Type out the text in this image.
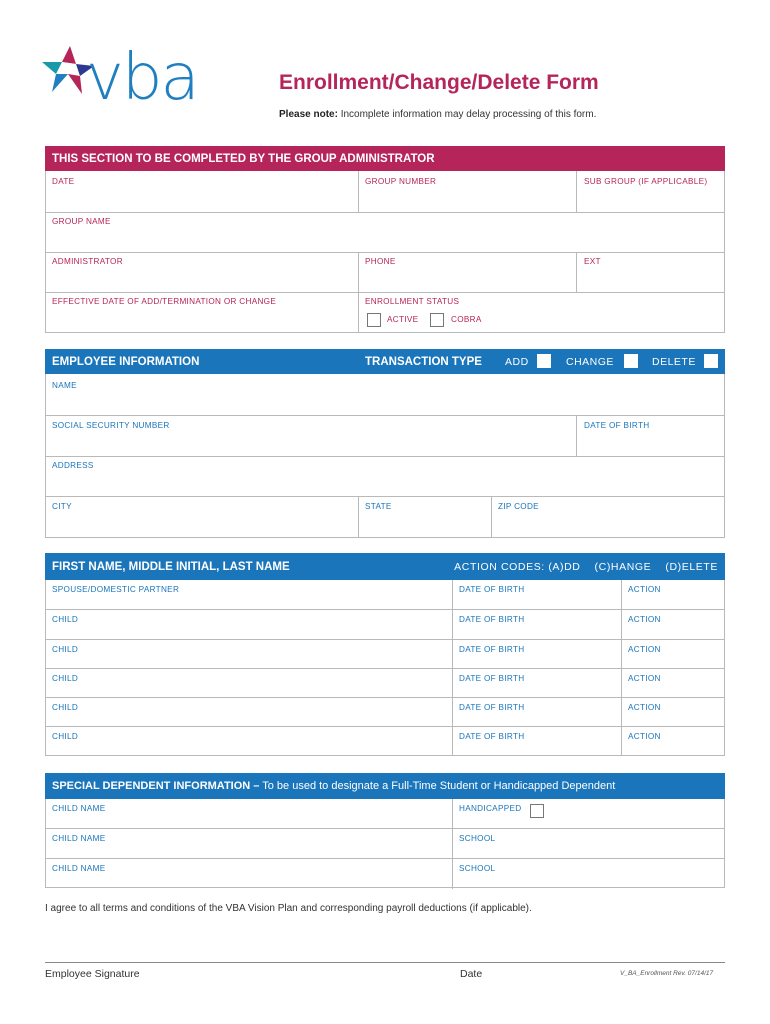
vba	Enrollment/Change/Delete Form
Please note: Incomplete information may delay processing of this form.
THIS SECTION TO BE COMPLETED BY THE GROUP ADMINISTRATOR
DATE	GROUP NUMBER	SUB GROUP (IF APPLICABLE)
GROUP NAME
ADMINISTRATOR	PHONE	EXT
EFFECTIVE DATE OF ADD/TERMINATION OR CHANGE	ENROLLMENT STATUS
ACTIVE	COBRA
EMPLOYEE INFORMATION	TRANSACTION TYPE ADD	CHANGE	DELETE
NAME
SOCIAL SECURITY NUMBER	DATE OF BIRTH
ADDRESS
CITY	STATE	ZIP CODE
FIRST NAME, MIDDLE INITIAL, LAST NAME	ACTION CODES: (A)DD    (C)HANGE    (D)ELETE
SPOUSE/DOMESTIC PARTNER	DATE OF BIRTH	ACTION
CHILD	DATE OF BIRTH	ACTION
CHILD	DATE OF BIRTH	ACTION
CHILD	DATE OF BIRTH	ACTION
CHILD	DATE OF BIRTH	ACTION
CHILD	DATE OF BIRTH	ACTION
SPECIAL DEPENDENT INFORMATION – To be used to designate a Full-Time Student or Handicapped Dependent
CHILD NAME	HANDICAPPED
CHILD NAME	SCHOOL
CHILD NAME	SCHOOL
I agree to all terms and conditions of the VBA Vision Plan and corresponding payroll deductions (if applicable).
Employee Signature	Date	V_BA_Enrollment Rev. 07/14/17
